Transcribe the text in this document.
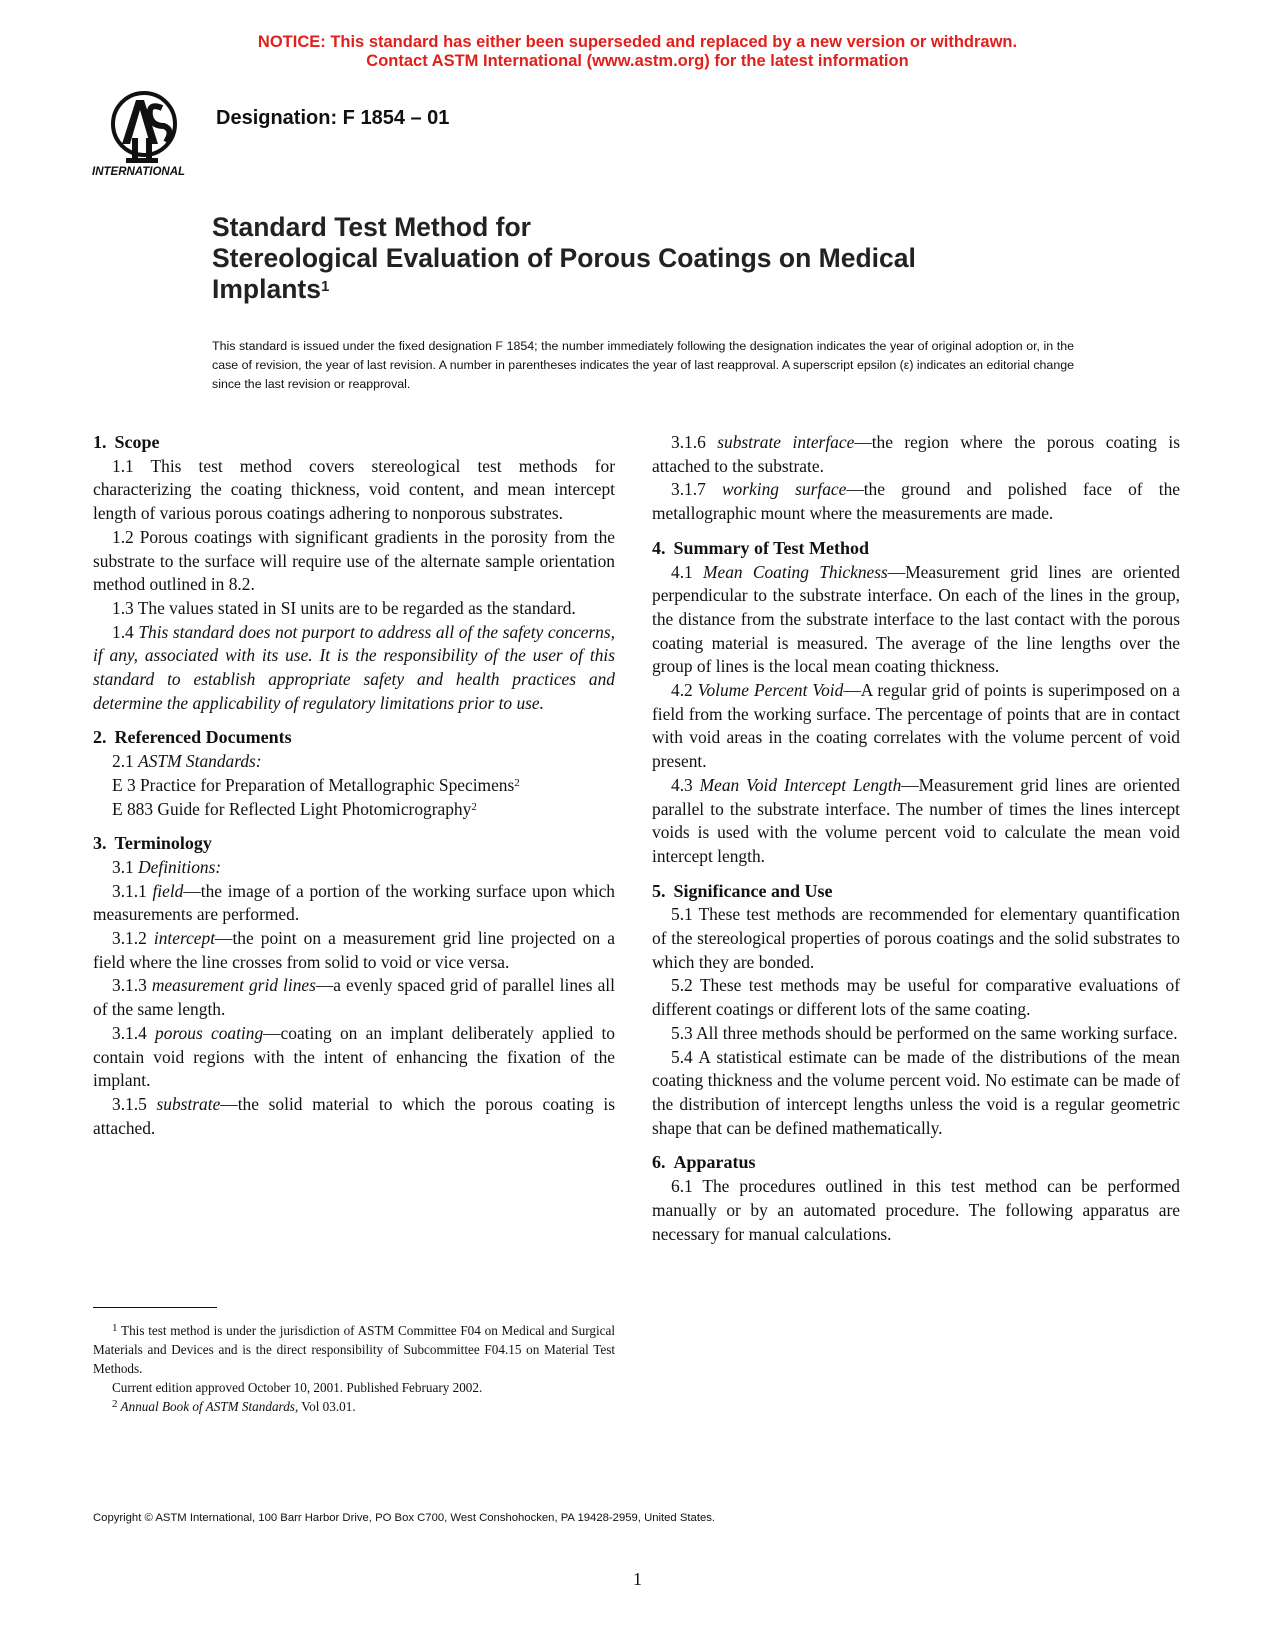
NOTICE: This standard has either been superseded and replaced by a new version or withdrawn.
Contact ASTM International (www.astm.org) for the latest information
INTERNATIONAL
Designation: F 1854 – 01
Standard Test Method for
Stereological Evaluation of Porous Coatings on Medical
Implants$^1$
This standard is issued under the fixed designation F 1854; the number immediately following the designation indicates the year of original adoption or, in the case of revision, the year of last revision. A number in parentheses indicates the year of last reapproval. A superscript epsilon (ε) indicates an editorial change since the last revision or reapproval.
1. Scope

1.1 This test method covers stereological test methods for characterizing the coating thickness, void content, and mean intercept length of various porous coatings adhering to nonporous substrates.

1.2 Porous coatings with significant gradients in the porosity from the substrate to the surface will require use of the alternate sample orientation method outlined in 8.2.

1.3 The values stated in SI units are to be regarded as the standard.

1.4 This standard does not purport to address all of the safety concerns, if any, associated with its use. It is the responsibility of the user of this standard to establish appropriate safety and health practices and determine the applicability of regulatory limitations prior to use.

2. Referenced Documents

2.1 ASTM Standards:

E 3 Practice for Preparation of Metallographic Specimens$^2$

E 883 Guide for Reflected Light Photomicrography$^2$

3. Terminology

3.1 Definitions:

3.1.1 field—the image of a portion of the working surface upon which measurements are performed.

3.1.2 intercept—the point on a measurement grid line projected on a field where the line crosses from solid to void or vice versa.

3.1.3 measurement grid lines—a evenly spaced grid of parallel lines all of the same length.

3.1.4 porous coating—coating on an implant deliberately applied to contain void regions with the intent of enhancing the fixation of the implant.

3.1.5 substrate—the solid material to which the porous coating is attached.

3.1.6 substrate interface—the region where the porous coating is attached to the substrate.

3.1.7 working surface—the ground and polished face of the metallographic mount where the measurements are made.

4. Summary of Test Method

4.1 Mean Coating Thickness—Measurement grid lines are oriented perpendicular to the substrate interface. On each of the lines in the group, the distance from the substrate interface to the last contact with the porous coating material is measured. The average of the line lengths over the group of lines is the local mean coating thickness.

4.2 Volume Percent Void—A regular grid of points is superimposed on a field from the working surface. The percentage of points that are in contact with void areas in the coating correlates with the volume percent of void present.

4.3 Mean Void Intercept Length—Measurement grid lines are oriented parallel to the substrate interface. The number of times the lines intercept voids is used with the volume percent void to calculate the mean void intercept length.

5. Significance and Use

5.1 These test methods are recommended for elementary quantification of the stereological properties of porous coatings and the solid substrates to which they are bonded.

5.2 These test methods may be useful for comparative evaluations of different coatings or different lots of the same coating.

5.3 All three methods should be performed on the same working surface.

5.4 A statistical estimate can be made of the distributions of the mean coating thickness and the volume percent void. No estimate can be made of the distribution of intercept lengths unless the void is a regular geometric shape that can be defined mathematically.

6. Apparatus

6.1 The procedures outlined in this test method can be performed manually or by an automated procedure. The following apparatus are necessary for manual calculations.

$^1$ This test method is under the jurisdiction of ASTM Committee F04 on Medical and Surgical Materials and Devices and is the direct responsibility of Subcommittee F04.15 on Material Test Methods.

Current edition approved October 10, 2001. Published February 2002.

$^2$ Annual Book of ASTM Standards, Vol 03.01.

Copyright © ASTM International, 100 Barr Harbor Drive, PO Box C700, West Conshohocken, PA 19428-2959, United States.
1
